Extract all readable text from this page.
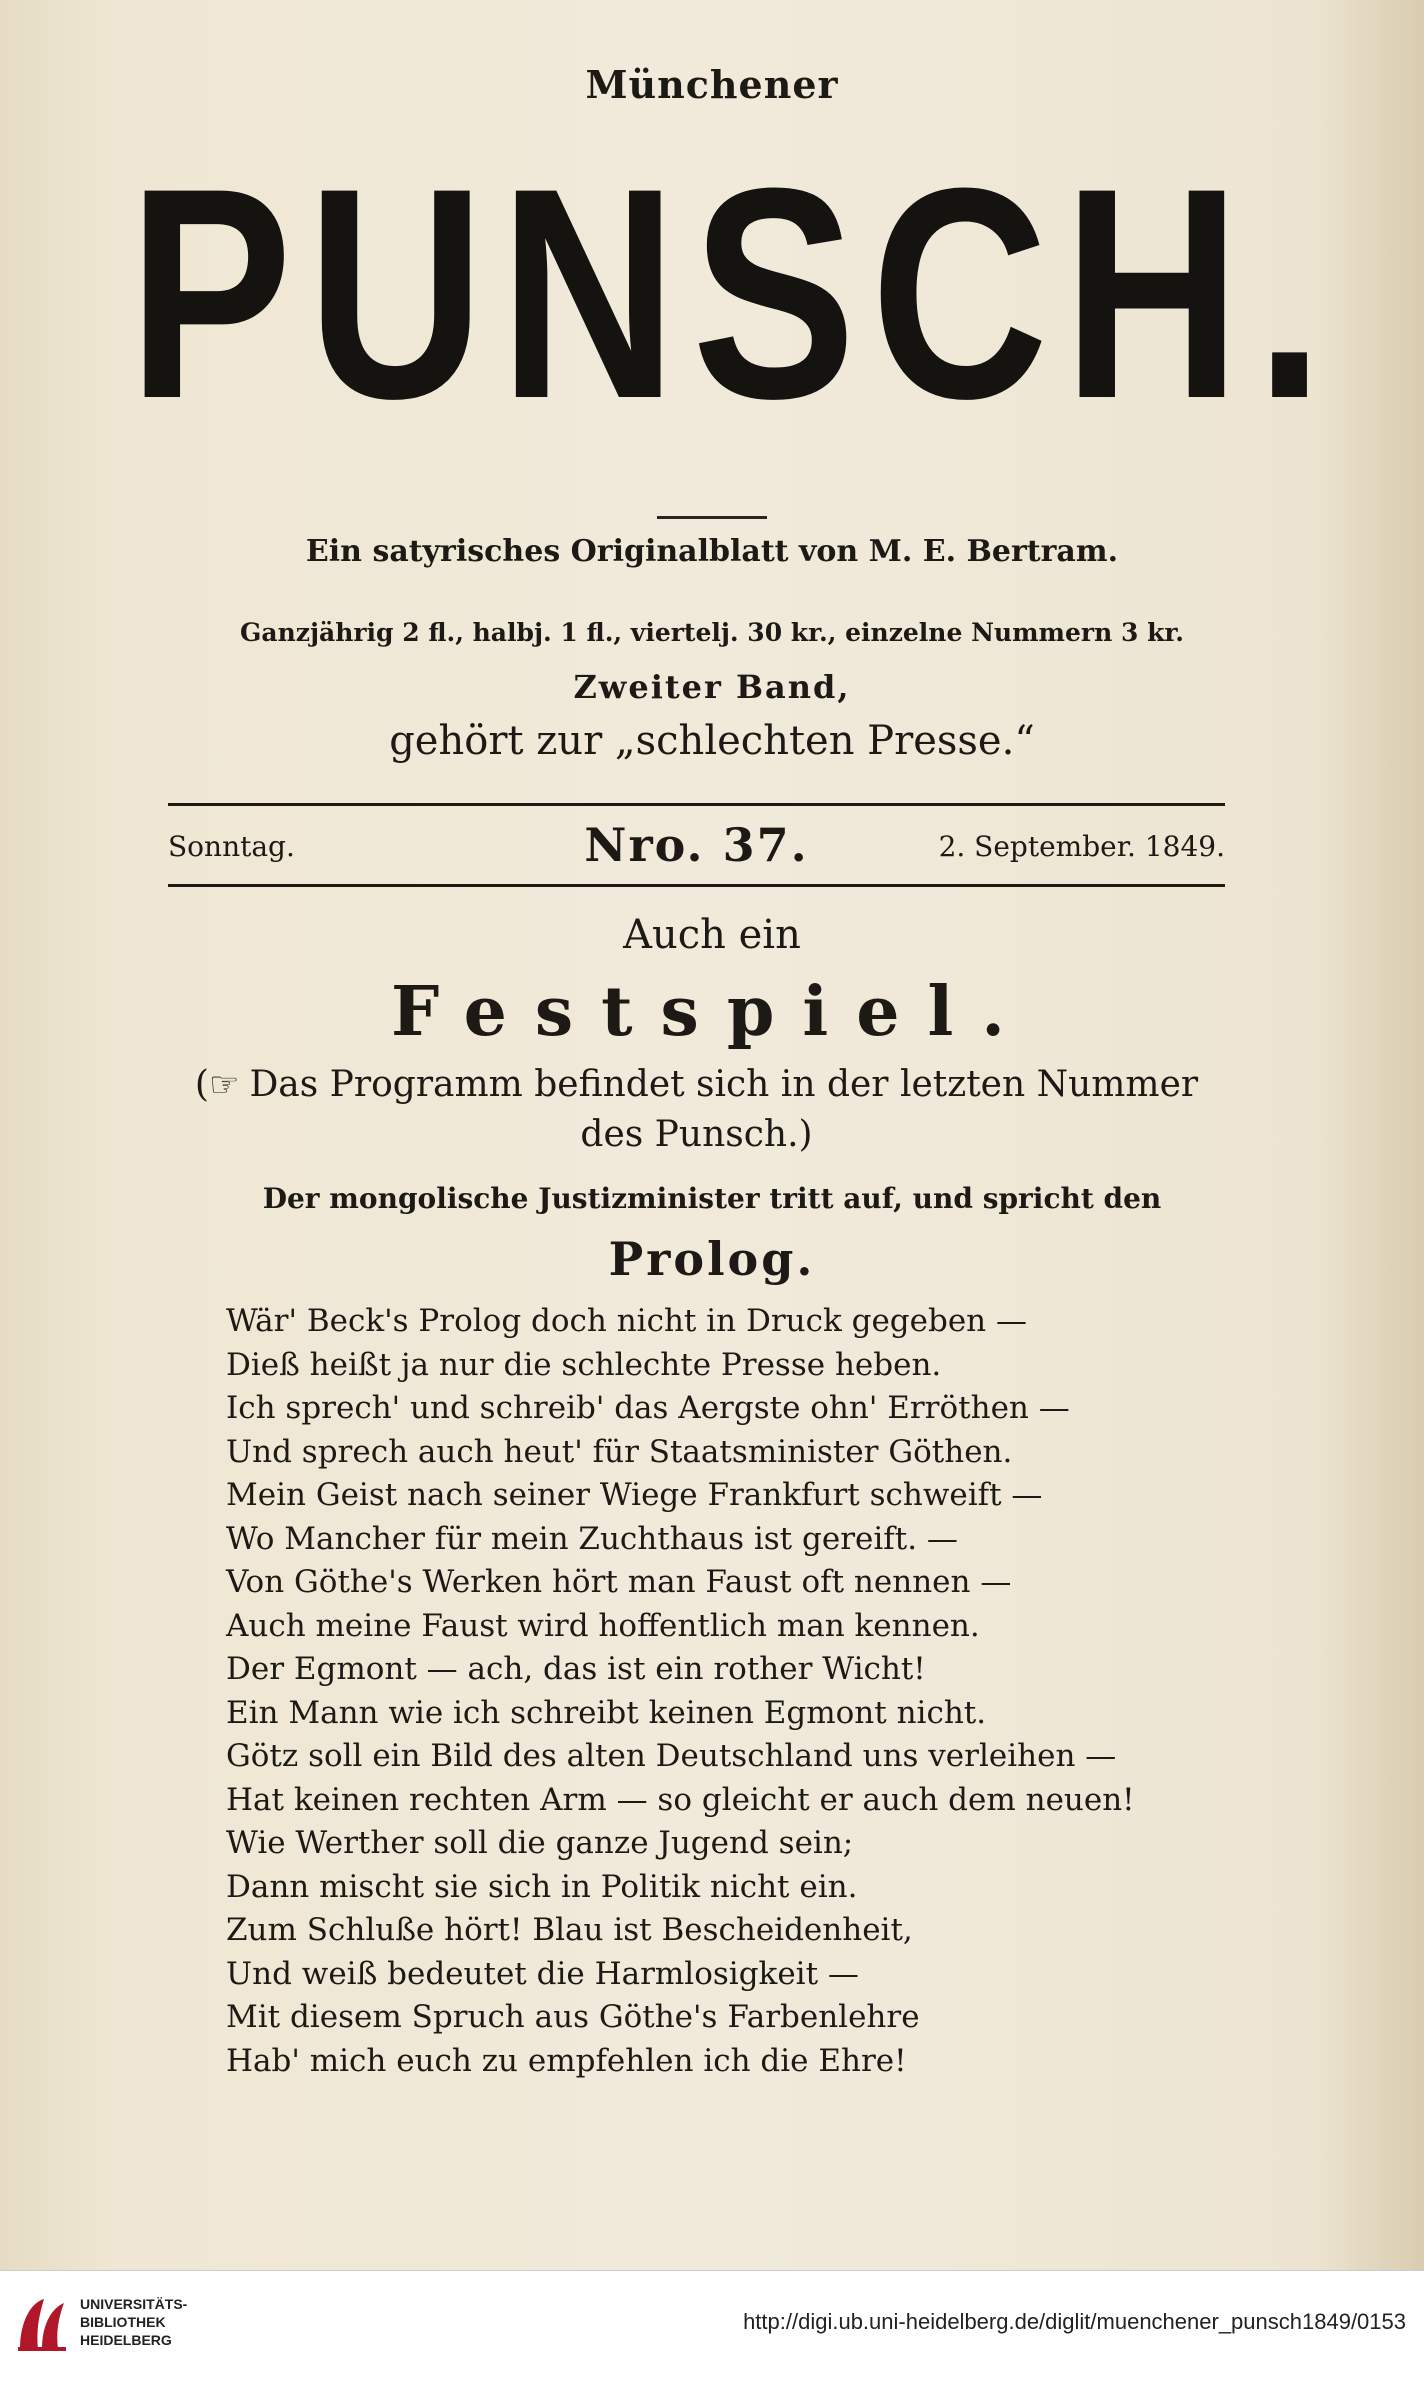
Münchener
PUNSCH.
Ein satyrisches Originalblatt von M. E. Bertram.
Ganzjährig 2 fl., halbj. 1 fl., viertelj. 30 kr., einzelne Nummern 3 kr.
Zweiter Band,
gehört zur „schlechten Presse.“
Sonntag.	Nro. 37.	2. September. 1849.
Auch ein
Festspiel.
(☞ Das Programm befindet sich in der letzten Nummer des Punsch.)
Der mongolische Justizminister tritt auf, und spricht den
Prolog.
Wär' Beck's Prolog doch nicht in Druck gegeben —
Dieß heißt ja nur die schlechte Presse heben.
Ich sprech' und schreib' das Aergste ohn' Erröthen —
Und sprech auch heut' für Staatsminister Göthen.
Mein Geist nach seiner Wiege Frankfurt schweift —
Wo Mancher für mein Zuchthaus ist gereift. —
Von Göthe's Werken hört man Faust oft nennen —
Auch meine Faust wird hoffentlich man kennen.
Der Egmont — ach, das ist ein rother Wicht!
Ein Mann wie ich schreibt keinen Egmont nicht.
Götz soll ein Bild des alten Deutschland uns verleihen —
Hat keinen rechten Arm — so gleicht er auch dem neuen!
Wie Werther soll die ganze Jugend sein;
Dann mischt sie sich in Politik nicht ein.
Zum Schluße hört! Blau ist Bescheidenheit,
Und weiß bedeutet die Harmlosigkeit —
Mit diesem Spruch aus Göthe's Farbenlehre
Hab' mich euch zu empfehlen ich die Ehre!
UNIVERSITÄTS-
BIBLIOTHEK
HEIDELBERG
http://digi.ub.uni-heidelberg.de/diglit/muenchener_punsch1849/0153
